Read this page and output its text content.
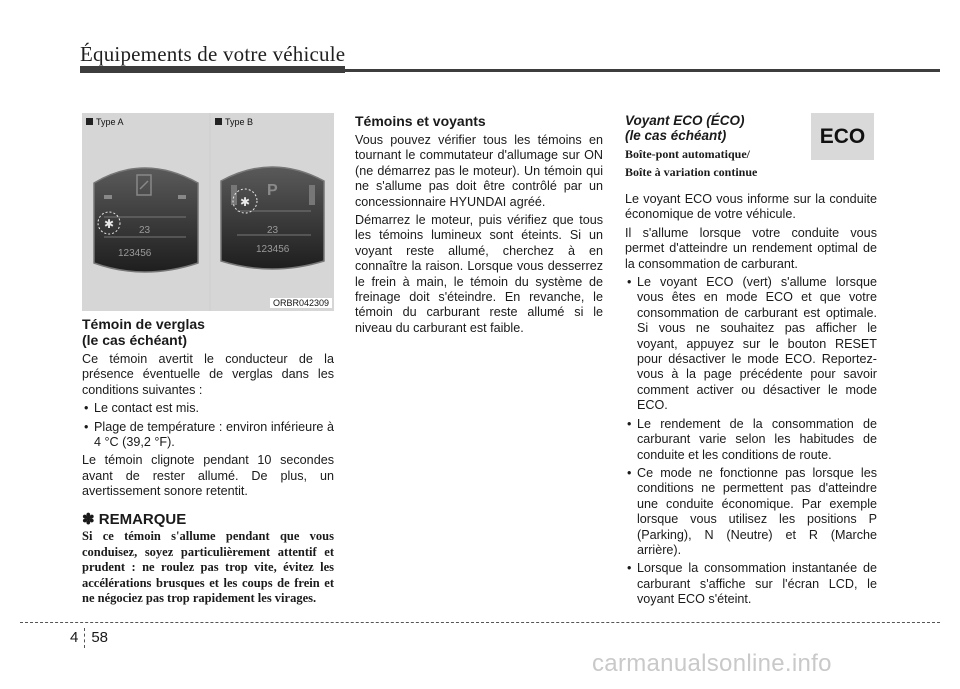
Équipements de votre véhicule
Type A
✱ 23
123456
Type B
P
✱
23
123456
ORBR042309
Témoin de verglas
(le cas échéant)

Ce témoin avertit le conducteur de la présence éventuelle de verglas dans les conditions suivantes :

• Le contact est mis.
• Plage de température : environ inférieure à 4 °C (39,2 °F).

Le témoin clignote pendant 10 secondes avant de rester allumé. De plus, un avertissement sonore retentit.

✽ REMARQUE
Si ce témoin s'allume pendant que vous conduisez, soyez particulièrement attentif et prudent : ne roulez pas trop vite, évitez les accélérations brusques et les coups de frein et ne négociez pas trop rapidement les virages.
Témoins et voyants

Vous pouvez vérifier tous les témoins en tournant le commutateur d'allumage sur ON (ne démarrez pas le moteur). Un témoin qui ne s'allume pas doit être contrôlé par un concessionnaire HYUNDAI agréé.

Démarrez le moteur, puis vérifiez que tous les témoins lumineux sont éteints. Si un voyant reste allumé, cherchez à en connaître la raison. Lorsque vous desserrez le frein à main, le témoin du système de freinage doit s'éteindre. En revanche, le témoin du carburant reste allumé si le niveau du carburant est faible.

Voyant ECO (ÉCO)
(le cas échéant)

Boîte-pont automatique/

Boîte à variation continue

Le voyant ECO vous informe sur la conduite économique de votre véhicule.

Il s'allume lorsque votre conduite vous permet d'atteindre un rendement optimal de la consommation de carburant.

• Le voyant ECO (vert) s'allume lorsque vous êtes en mode ECO et que votre consommation de carburant est optimale. Si vous ne souhaitez pas afficher le voyant, appuyez sur le bouton RESET pour désactiver le mode ECO. Reportez-vous à la page précédente pour savoir comment activer ou désactiver le mode ECO.
• Le rendement de la consommation de carburant varie selon les habitudes de conduite et les conditions de route.
• Ce mode ne fonctionne pas lorsque les conditions ne permettent pas d'atteindre une conduite économique. Par exemple lorsque vous utilisez les positions P (Parking), N (Neutre) et R (Marche arrière).
• Lorsque la consommation instantanée de carburant s'affiche sur l'écran LCD, le voyant ECO s'éteint.
ECO
4 58
carmanualsonline.info
